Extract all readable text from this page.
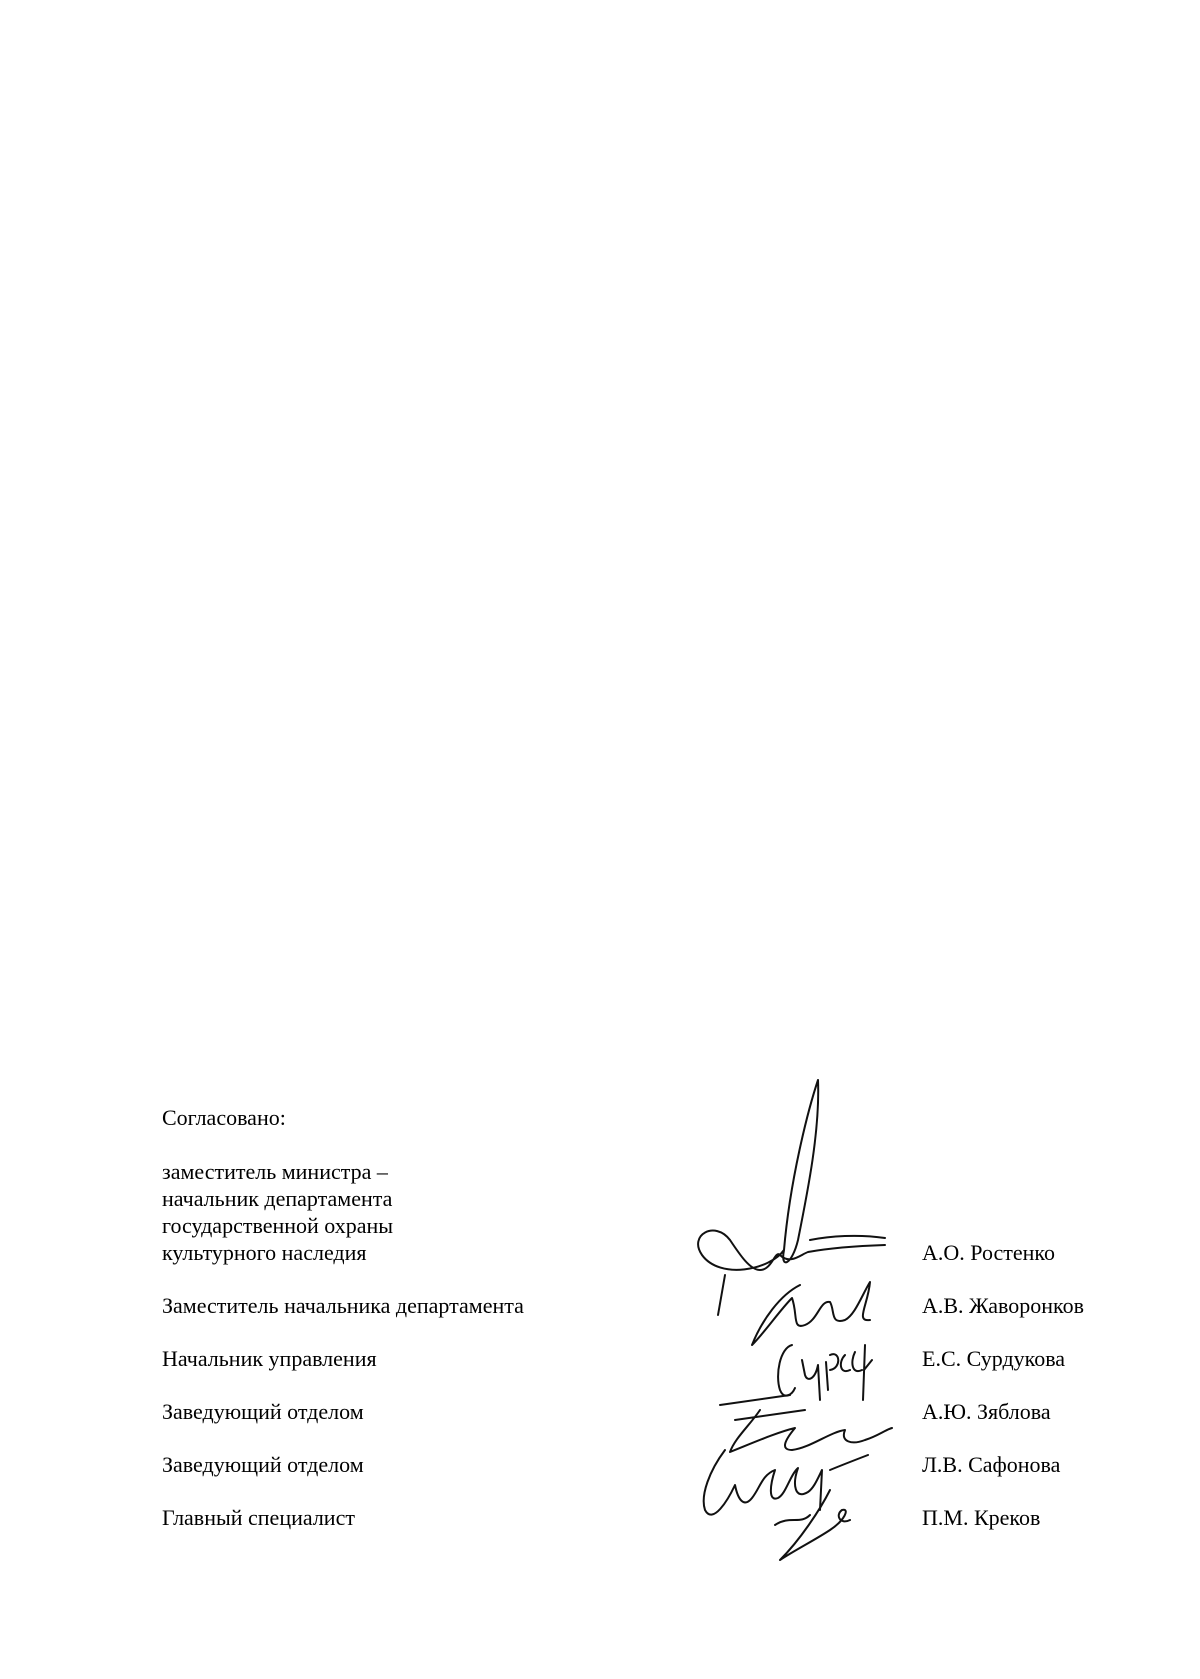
Согласовано:
заместитель министра –
начальник департамента
государственной охраны
культурного наследия	А.О. Ростенко
Заместитель начальника департамента	А.В. Жаворонков
Начальник управления	Е.С. Сурдукова
Заведующий отделом	А.Ю. Зяблова
Заведующий отделом	Л.В. Сафонова
Главный специалист	П.М. Креков
